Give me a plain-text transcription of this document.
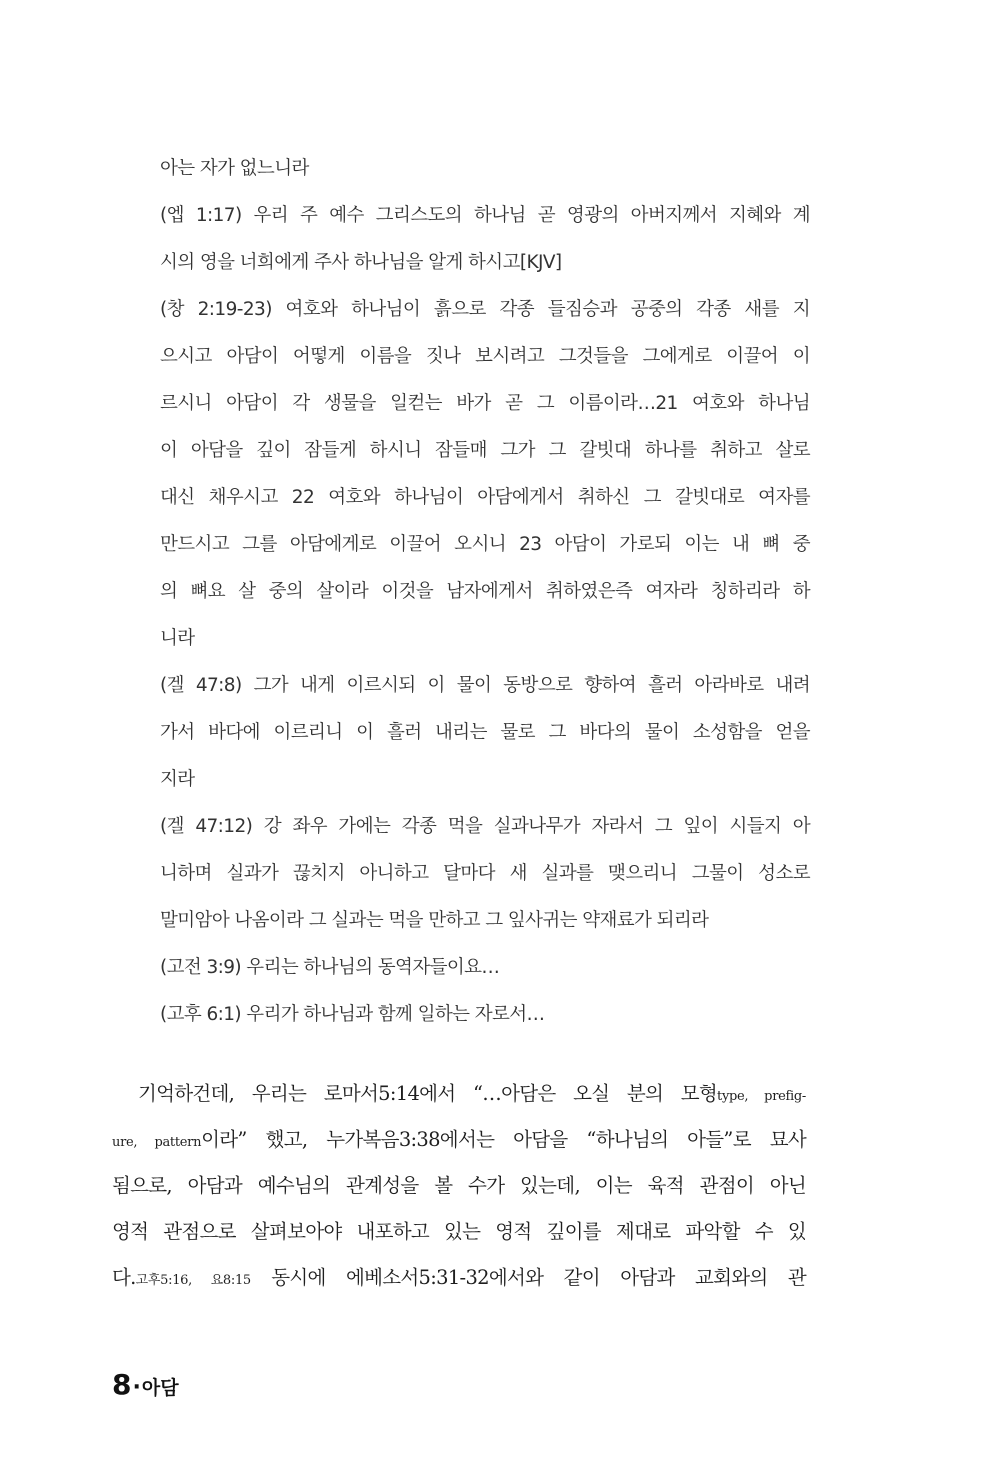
아는 자가 없느니라
(엡 1:17) 우리 주 예수 그리스도의 하나님 곧 영광의 아버지께서 지혜와 계
시의 영을 너희에게 주사 하나님을 알게 하시고[KJV]
(창 2:19-23) 여호와 하나님이 흙으로 각종 들짐승과 공중의 각종 새를 지
으시고 아담이 어떻게 이름을 짓나 보시려고 그것들을 그에게로 이끌어 이
르시니 아담이 각 생물을 일컫는 바가 곧 그 이름이라…21 여호와 하나님
이 아담을 깊이 잠들게 하시니 잠들매 그가 그 갈빗대 하나를 취하고 살로
대신 채우시고 22 여호와 하나님이 아담에게서 취하신 그 갈빗대로 여자를
만드시고 그를 아담에게로 이끌어 오시니 23 아담이 가로되 이는 내 뼈 중
의 뼈요 살 중의 살이라 이것을 남자에게서 취하였은즉 여자라 칭하리라 하
니라
(겔 47:8) 그가 내게 이르시되 이 물이 동방으로 향하여 흘러 아라바로 내려
가서 바다에 이르리니 이 흘러 내리는 물로 그 바다의 물이 소성함을 얻을
지라
(겔 47:12) 강 좌우 가에는 각종 먹을 실과나무가 자라서 그 잎이 시들지 아
니하며 실과가 끊치지 아니하고 달마다 새 실과를 맺으리니 그물이 성소로
말미암아 나옴이라 그 실과는 먹을 만하고 그 잎사귀는 약재료가 되리라
(고전 3:9) 우리는 하나님의 동역자들이요…
(고후 6:1) 우리가 하나님과 함께 일하는 자로서…
기억하건데, 우리는 로마서5:14에서 “…아담은 오실 분의 모형type, prefig-
ure, pattern이라” 했고, 누가복음3:38에서는 아담을 “하나님의 아들”로 묘사
됨으로, 아담과 예수님의 관계성을 볼 수가 있는데, 이는 육적 관점이 아닌
영적 관점으로 살펴보아야 내포하고 있는 영적 깊이를 제대로 파악할 수 있
다.고후5:16, 요8:15 동시에 에베소서5:31-32에서와 같이 아담과 교회와의 관
8·아담
